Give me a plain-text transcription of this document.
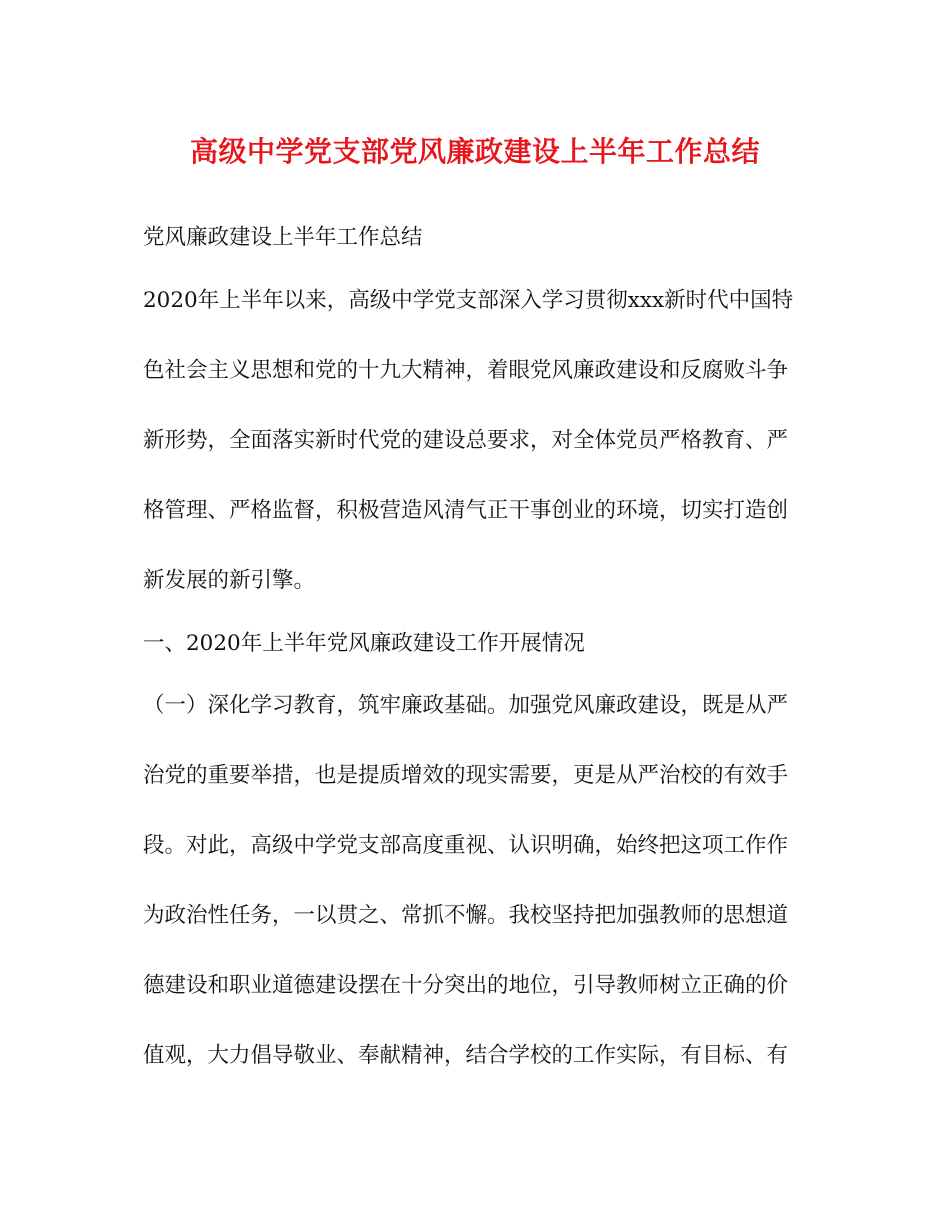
高级中学党支部党风廉政建设上半年工作总结

党风廉政建设上半年工作总结

2020年上半年以来，高级中学党支部深入学习贯彻xxx新时代中国特

色社会主义思想和党的十九大精神，着眼党风廉政建设和反腐败斗争

新形势，全面落实新时代党的建设总要求，对全体党员严格教育、严

格管理、严格监督，积极营造风清气正干事创业的环境，切实打造创

新发展的新引擎。

一、2020年上半年党风廉政建设工作开展情况

（一）深化学习教育，筑牢廉政基础。加强党风廉政建设，既是从严

治党的重要举措，也是提质增效的现实需要，更是从严治校的有效手

段。对此，高级中学党支部高度重视、认识明确，始终把这项工作作

为政治性任务，一以贯之、常抓不懈。我校坚持把加强教师的思想道

德建设和职业道德建设摆在十分突出的地位，引导教师树立正确的价

值观，大力倡导敬业、奉献精神，结合学校的工作实际，有目标、有
